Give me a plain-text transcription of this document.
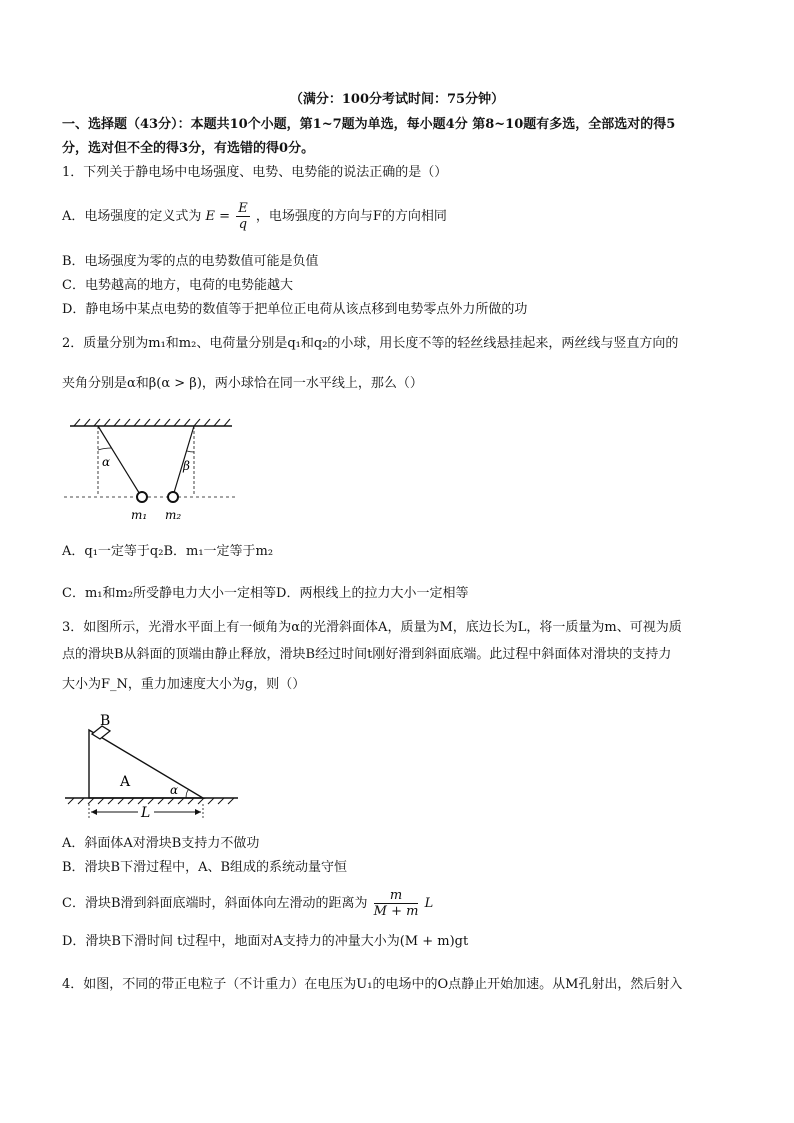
（满分：100分考试时间：75分钟）
一、选择题（43分）：本题共10个小题，第1~7题为单选，每小题4分 第8~10题有多选，全部选对的得5
分，选对但不全的得3分，有选错的得0分。
1．下列关于静电场中电场强度、电势、电势能的说法正确的是（）
A．电场强度的定义式为 $E = \frac{E}{q}$ ，电场强度的方向与F的方向相同
B．电场强度为零的点的电势数值可能是负值
C．电势越高的地方，电荷的电势能越大
D．静电场中某点电势的数值等于把单位正电荷从该点移到电势零点外力所做的功
2．质量分别为m₁和m₂、电荷量分别是q₁和q₂的小球，用长度不等的轻丝线悬挂起来，两丝线与竖直方向的
夹角分别是α和β(α > β)，两小球恰在同一水平线上，那么（）
α	β
m₁ m₂
A．q₁一定等于q₂B．m₁一定等于m₂
C．m₁和m₂所受静电力大小一定相等D．两根线上的拉力大小一定相等
3．如图所示，光滑水平面上有一倾角为α的光滑斜面体A，质量为M，底边长为L，将一质量为m、可视为质
点的滑块B从斜面的顶端由静止释放，滑块B经过时间t刚好滑到斜面底端。此过程中斜面体对滑块的支持力
大小为F_N，重力加速度大小为g，则（）
B
A	α
L
A．斜面体A对滑块B支持力不做功
B．滑块B下滑过程中，A、B组成的系统动量守恒
C．滑块B滑到斜面底端时，斜面体向左滑动的距离为 $\frac{m}{M + m}$ L
D．滑块B下滑时间 t过程中，地面对A支持力的冲量大小为(M + m)gt
4．如图，不同的带正电粒子（不计重力）在电压为U₁的电场中的O点静止开始加速。从M孔射出，然后射入
